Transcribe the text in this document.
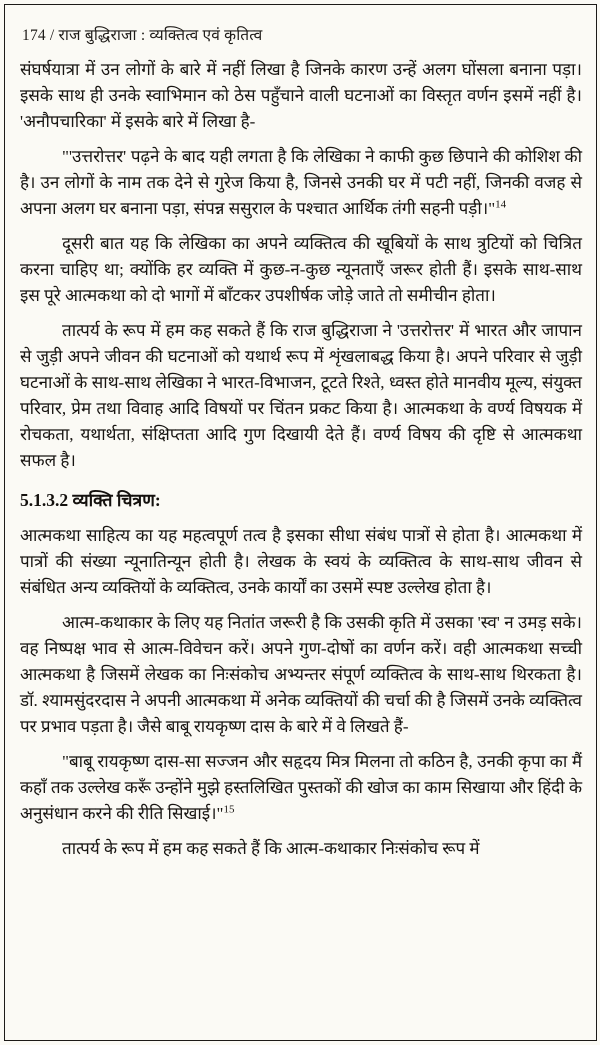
174 / राज बुद्धिराजा : व्यक्तित्व एवं कृतित्व

संघर्षयात्रा में उन लोगों के बारे में नहीं लिखा है जिनके कारण उन्हें अलग घोंसला बनाना पड़ा। इसके साथ ही उनके स्वाभिमान को ठेस पहुँचाने वाली घटनाओं का विस्तृत वर्णन इसमें नहीं है। 'अनौपचारिका' में इसके बारे में लिखा है-

"'उत्तरोत्तर' पढ़ने के बाद यही लगता है कि लेखिका ने काफी कुछ छिपाने की कोशिश की है। उन लोगों के नाम तक देने से गुरेज किया है, जिनसे उनकी घर में पटी नहीं, जिनकी वजह से अपना अलग घर बनाना पड़ा, संपन्न ससुराल के पश्चात आर्थिक तंगी सहनी पड़ी।"$^{14}$

दूसरी बात यह कि लेखिका का अपने व्यक्तित्व की खूबियों के साथ त्रुटियों को चित्रित करना चाहिए था; क्योंकि हर व्यक्ति में कुछ-न-कुछ न्यूनताएँ जरूर होती हैं। इसके साथ-साथ इस पूरे आत्मकथा को दो भागों में बाँटकर उपशीर्षक जोड़े जाते तो समीचीन होता।

तात्पर्य के रूप में हम कह सकते हैं कि राज बुद्धिराजा ने 'उत्तरोत्तर' में भारत और जापान से जुड़ी अपने जीवन की घटनाओं को यथार्थ रूप में शृंखलाबद्ध किया है। अपने परिवार से जुड़ी घटनाओं के साथ-साथ लेखिका ने भारत-विभाजन, टूटते रिश्ते, ध्वस्त होते मानवीय मूल्य, संयुक्त परिवार, प्रेम तथा विवाह आदि विषयों पर चिंतन प्रकट किया है। आत्मकथा के वर्ण्य विषयक में रोचकता, यथार्थता, संक्षिप्तता आदि गुण दिखायी देते हैं। वर्ण्य विषय की दृष्टि से आत्मकथा सफल है।

5.1.3.2 व्यक्ति चित्रण:

आत्मकथा साहित्य का यह महत्वपूर्ण तत्व है इसका सीधा संबंध पात्रों से होता है। आत्मकथा में पात्रों की संख्या न्यूनातिन्यून होती है। लेखक के स्वयं के व्यक्तित्व के साथ-साथ जीवन से संबंधित अन्य व्यक्तियों के व्यक्तित्व, उनके कार्यों का उसमें स्पष्ट उल्लेख होता है।

आत्म-कथाकार के लिए यह नितांत जरूरी है कि उसकी कृति में उसका 'स्व' न उमड़ सके। वह निष्पक्ष भाव से आत्म-विवेचन करें। अपने गुण-दोषों का वर्णन करें। वही आत्मकथा सच्ची आत्मकथा है जिसमें लेखक का निःसंकोच अभ्यन्तर संपूर्ण व्यक्तित्व के साथ-साथ थिरकता है। डॉ. श्यामसुंदरदास ने अपनी आत्मकथा में अनेक व्यक्तियों की चर्चा की है जिसमें उनके व्यक्तित्व पर प्रभाव पड़ता है। जैसे बाबू रायकृष्ण दास के बारे में वे लिखते हैं-

"बाबू रायकृष्ण दास-सा सज्जन और सहृदय मित्र मिलना तो कठिन है, उनकी कृपा का मैं कहाँ तक उल्लेख करूँ उन्होंने मुझे हस्तलिखित पुस्तकों की खोज का काम सिखाया और हिंदी के अनुसंधान करने की रीति सिखाई।"$^{15}$

तात्पर्य के रूप में हम कह सकते हैं कि आत्म-कथाकार निःसंकोच रूप में
